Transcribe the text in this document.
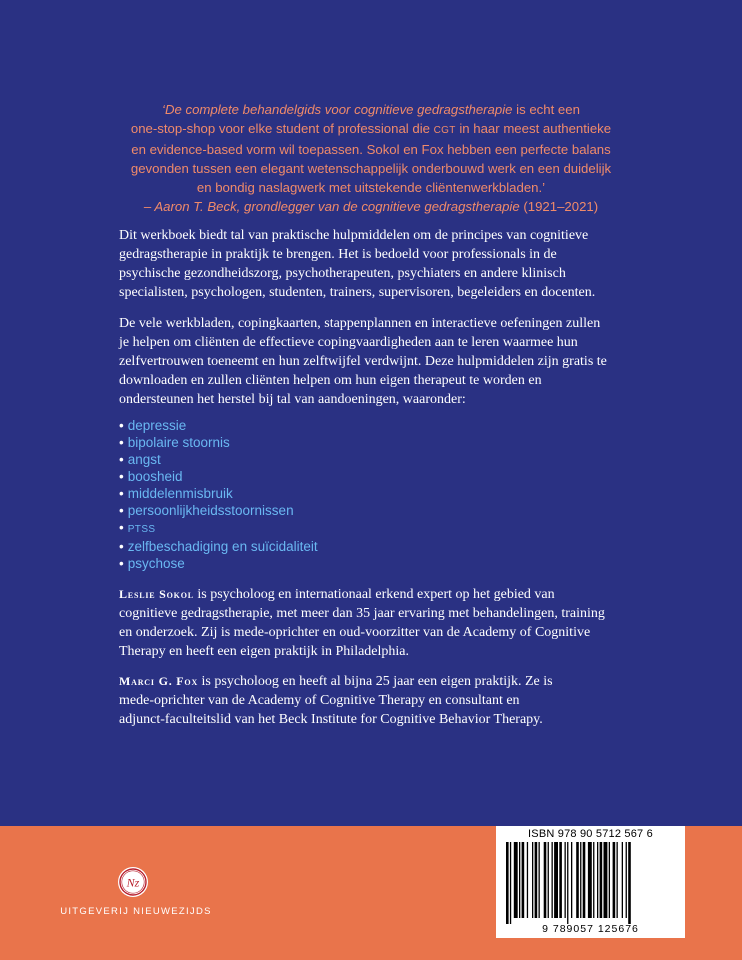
‘De complete behandelgids voor cognitieve gedragstherapie is echt een
one-stop-shop voor elke student of professional die CGT in haar meest authentieke
en evidence-based vorm wil toepassen. Sokol en Fox hebben een perfecte balans
gevonden tussen een elegant wetenschappelijk onderbouwd werk en een duidelijk
en bondig naslagwerk met uitstekende cliëntenwerkbladen.’
– Aaron T. Beck, grondlegger van de cognitieve gedragstherapie (1921–2021)
Dit werkboek biedt tal van praktische hulpmiddelen om de principes van cognitieve
gedragstherapie in praktijk te brengen. Het is bedoeld voor professionals in de
psychische gezondheidszorg, psychotherapeuten, psychiaters en andere klinisch
specialisten, psychologen, studenten, trainers, supervisoren, begeleiders en docenten.
De vele werkbladen, copingkaarten, stappenplannen en interactieve oefeningen zullen
je helpen om cliënten de effectieve copingvaardigheden aan te leren waarmee hun
zelfvertrouwen toeneemt en hun zelftwijfel verdwijnt. Deze hulpmiddelen zijn gratis te
downloaden en zullen cliënten helpen om hun eigen therapeut te worden en
ondersteunen het herstel bij tal van aandoeningen, waaronder:
• depressie
• bipolaire stoornis
• angst
• boosheid
• middelenmisbruik
• persoonlijkheidsstoornissen
• PTSS
• zelfbeschadiging en suïcidaliteit
• psychose
Leslie Sokol is psycholoog en internationaal erkend expert op het gebied van
cognitieve gedragstherapie, met meer dan 35 jaar ervaring met behandelingen, training
en onderzoek. Zij is mede-oprichter en oud-voorzitter van de Academy of Cognitive
Therapy en heeft een eigen praktijk in Philadelphia.
Marci G. Fox is psycholoog en heeft al bijna 25 jaar een eigen praktijk. Ze is
mede-oprichter van de Academy of Cognitive Therapy en consultant en
adjunct-faculteitslid van het Beck Institute for Cognitive Behavior Therapy.
Nz
UITGEVERIJ NIEUWEZIJDS
ISBN 978 90 5712 567 6
9 789057 125676
